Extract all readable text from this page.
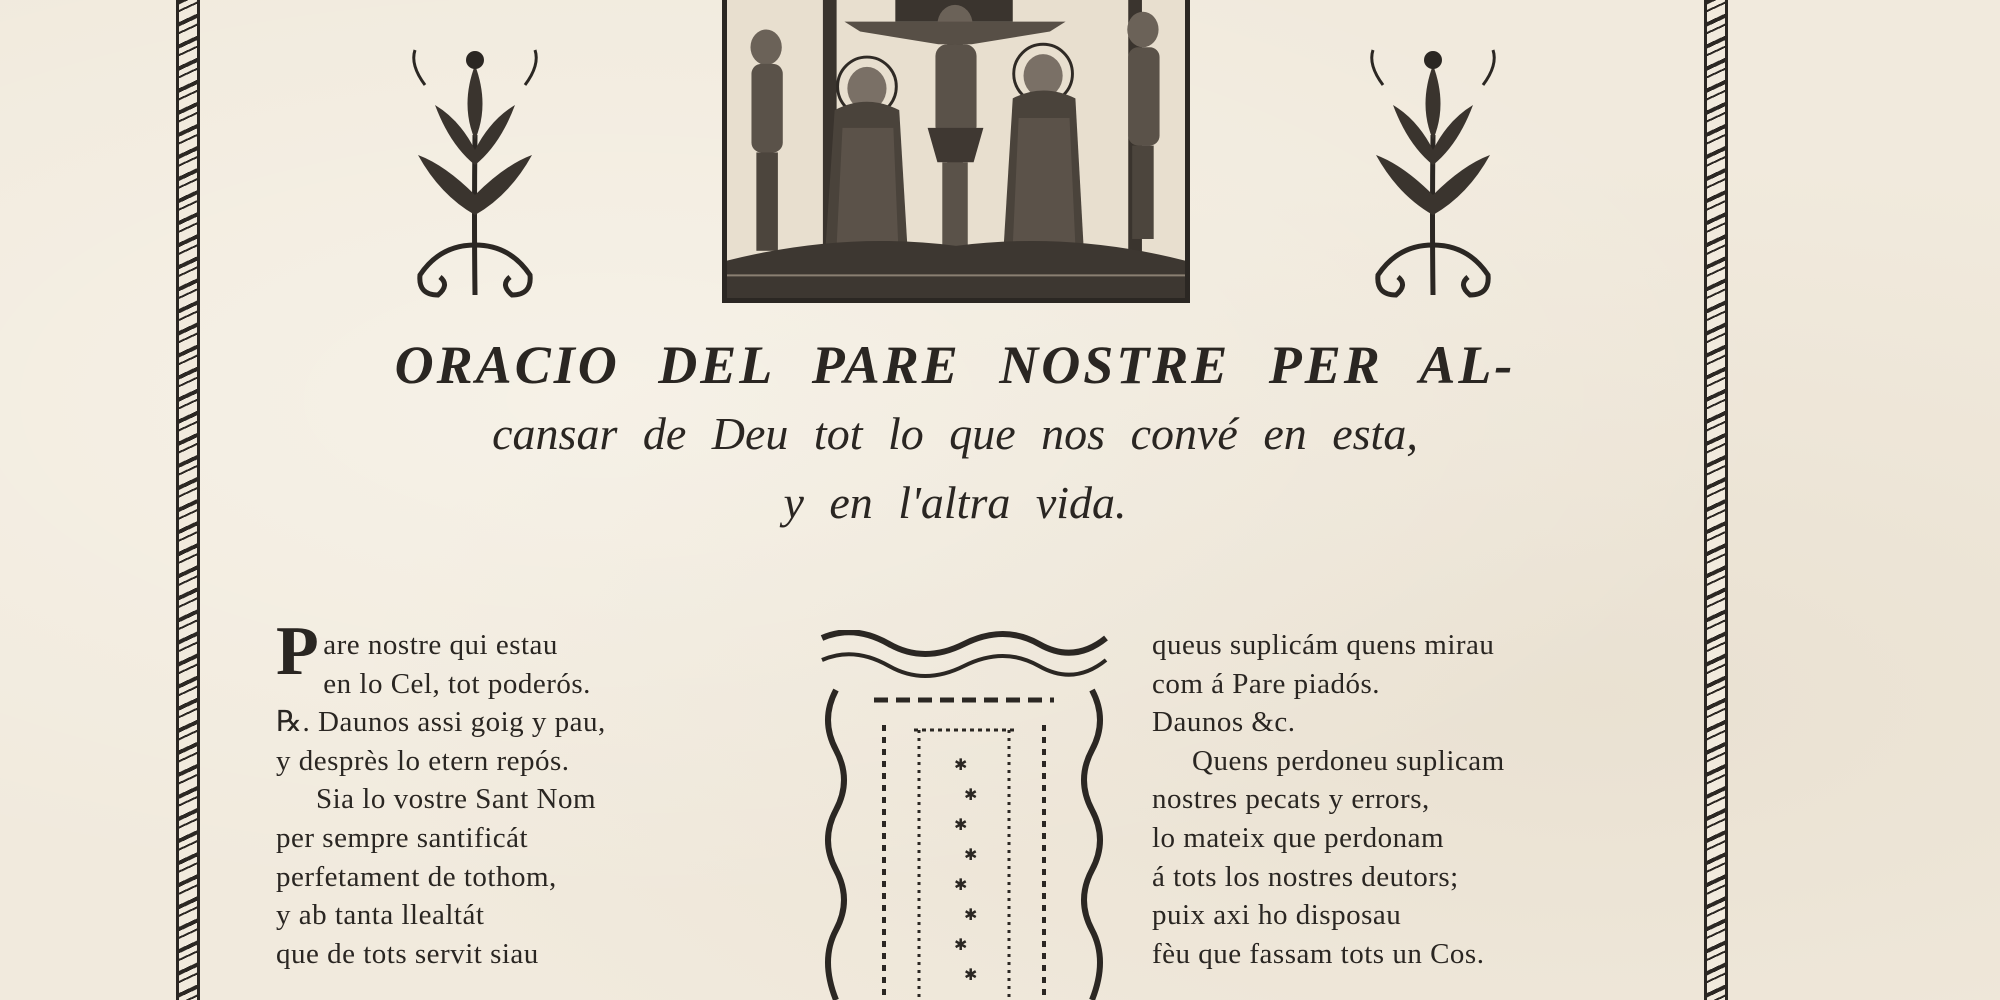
ORACIO DEL PARE NOSTRE PER AL-
cansar de Deu tot lo que nos convé en esta,
y en l'altra vida.
Pare nostre qui estau
en lo Cel, tot poderós.
℞. Daunos assi goig y pau,
y desprès lo etern repós.
Sia lo vostre Sant Nom
per sempre santificát
perfetament de tothom,
y ab tanta llealtát
que de tots servit siau
✱
✱
✱
✱
✱
✱
✱
✱
queus suplicám quens mirau
com á Pare piadós.
Daunos &c.
Quens perdoneu suplicam
nostres pecats y errors,
lo mateix que perdonam
á tots los nostres deutors;
puix axi ho disposau
fèu que fassam tots un Cos.
